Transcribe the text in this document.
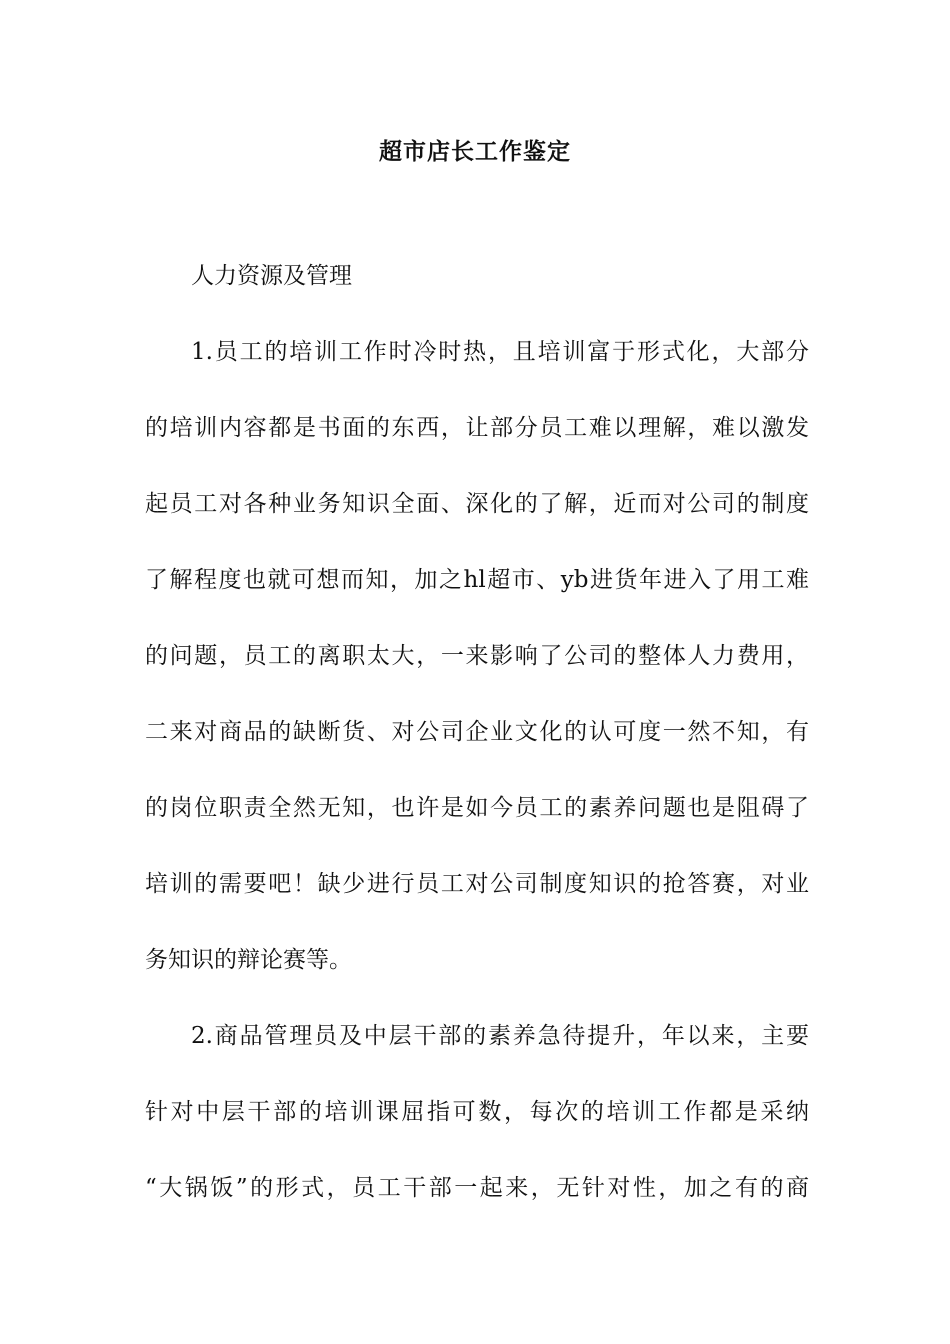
超市店长工作鉴定
人力资源及管理
1.员工的培训工作时冷时热，且培训富于形式化，大部分
的培训内容都是书面的东西，让部分员工难以理解，难以激发
起员工对各种业务知识全面、深化的了解，近而对公司的制度
了解程度也就可想而知，加之hl超市、yb进货年进入了用工难
的问题，员工的离职太大，一来影响了公司的整体人力费用，
二来对商品的缺断货、对公司企业文化的认可度一然不知，有
的岗位职责全然无知，也许是如今员工的素养问题也是阻碍了
培训的需要吧！缺少进行员工对公司制度知识的抢答赛，对业
务知识的辩论赛等。
2.商品管理员及中层干部的素养急待提升，年以来，主要
针对中层干部的培训课屈指可数，每次的培训工作都是采纳
“大锅饭”的形式，员工干部一起来，无针对性，加之有的商
